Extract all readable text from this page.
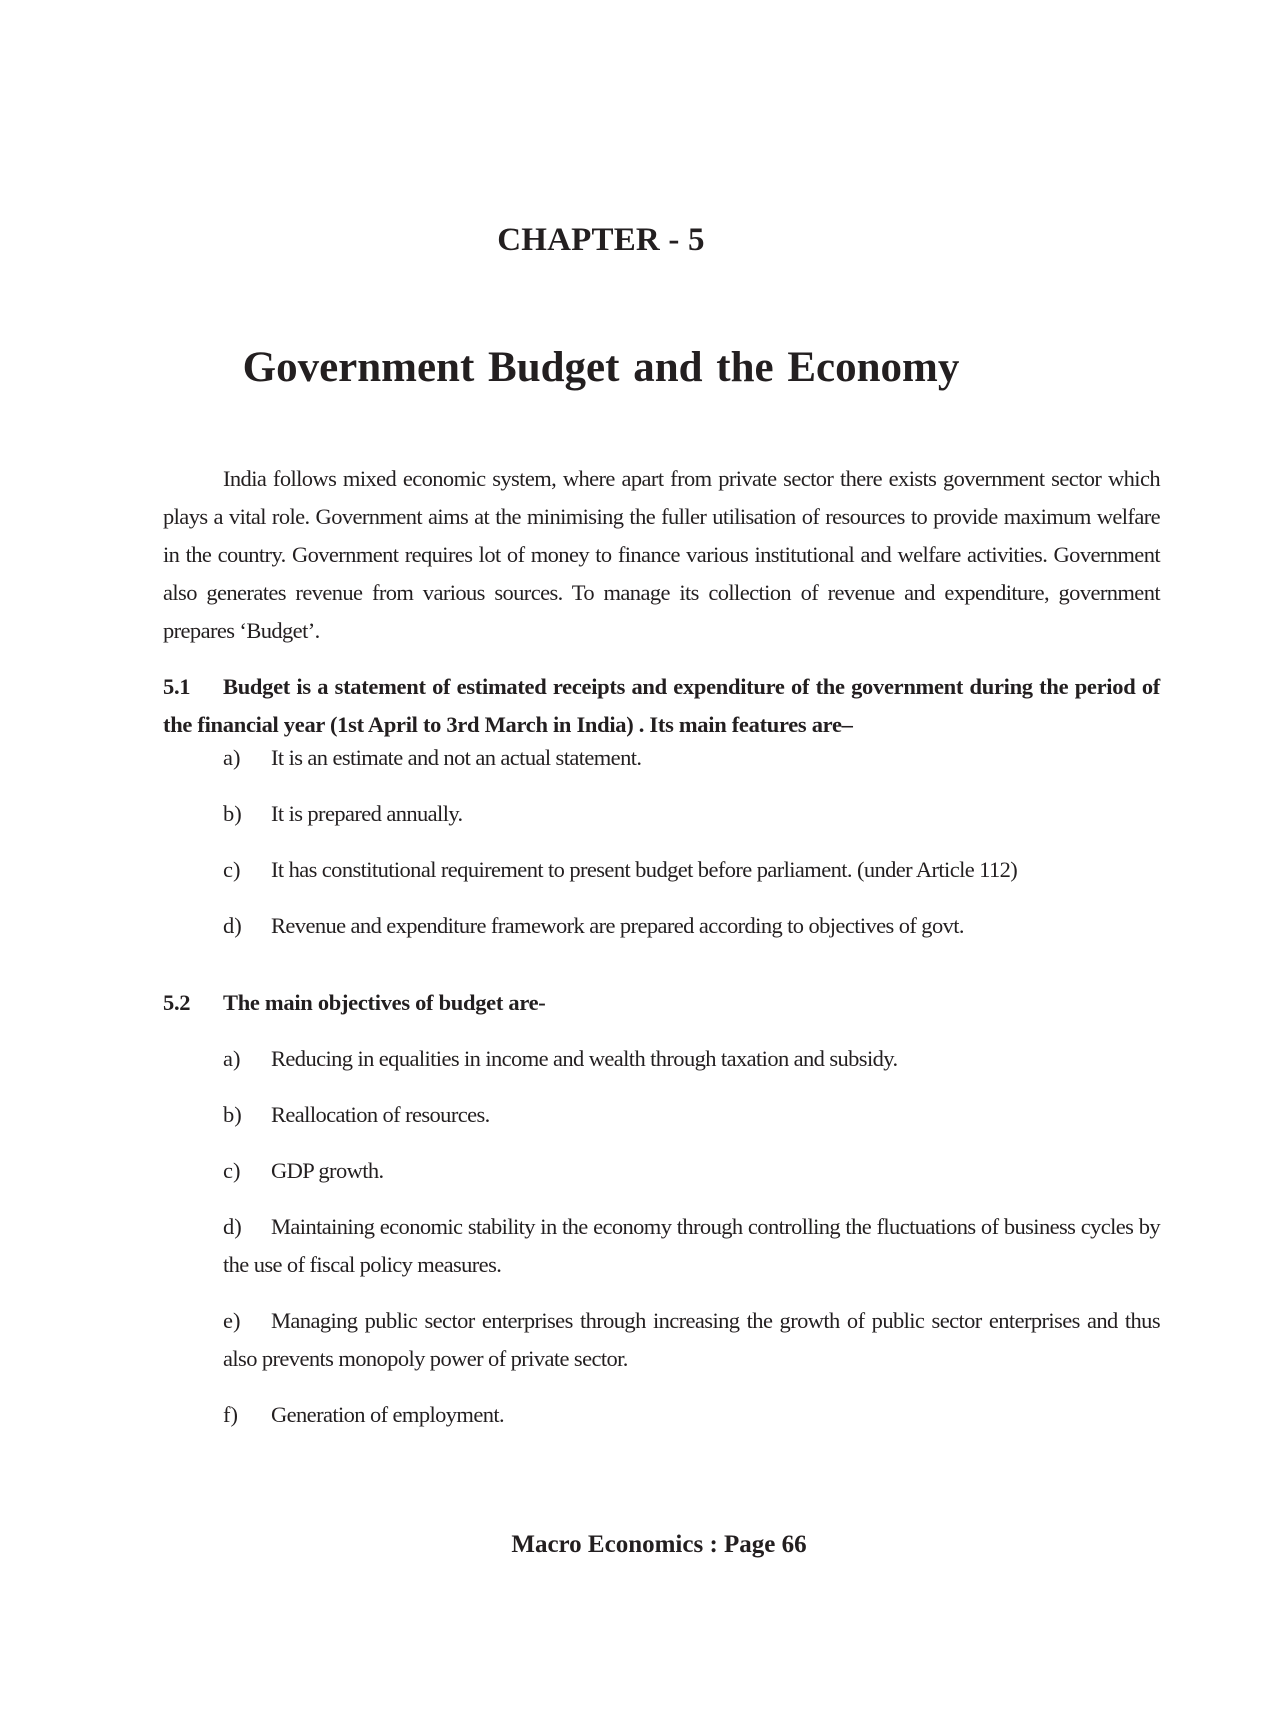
CHAPTER - 5
Government Budget and the Economy

India follows mixed economic system, where apart from private sector there exists government sector which plays a vital role. Government aims at the minimising the fuller utilisation of resources to provide maximum welfare in the country. Government requires lot of money to finance various institutional and welfare activities. Government also generates revenue from various sources. To manage its collection of revenue and expenditure, government prepares ‘Budget’.

5.1 Budget is a statement of estimated receipts and expenditure of the government during the period of the financial year (1st April to 3rd March in India) . Its main features are–

a) It is an estimate and not an actual statement.

b) It is prepared annually.

c) It has constitutional requirement to present budget before parliament. (under Article 112)

d) Revenue and expenditure framework are prepared according to objectives of govt.

5.2 The main objectives of budget are-

a) Reducing in equalities in income and wealth through taxation and subsidy.

b) Reallocation of resources.

c) GDP growth.

d) Maintaining economic stability in the economy through controlling the fluctuations of business cycles by the use of fiscal policy measures.

e) Managing public sector enterprises through increasing the growth of public sector enterprises and thus also prevents monopoly power of private sector.

f) Generation of employment.

Macro Economics : Page 66
